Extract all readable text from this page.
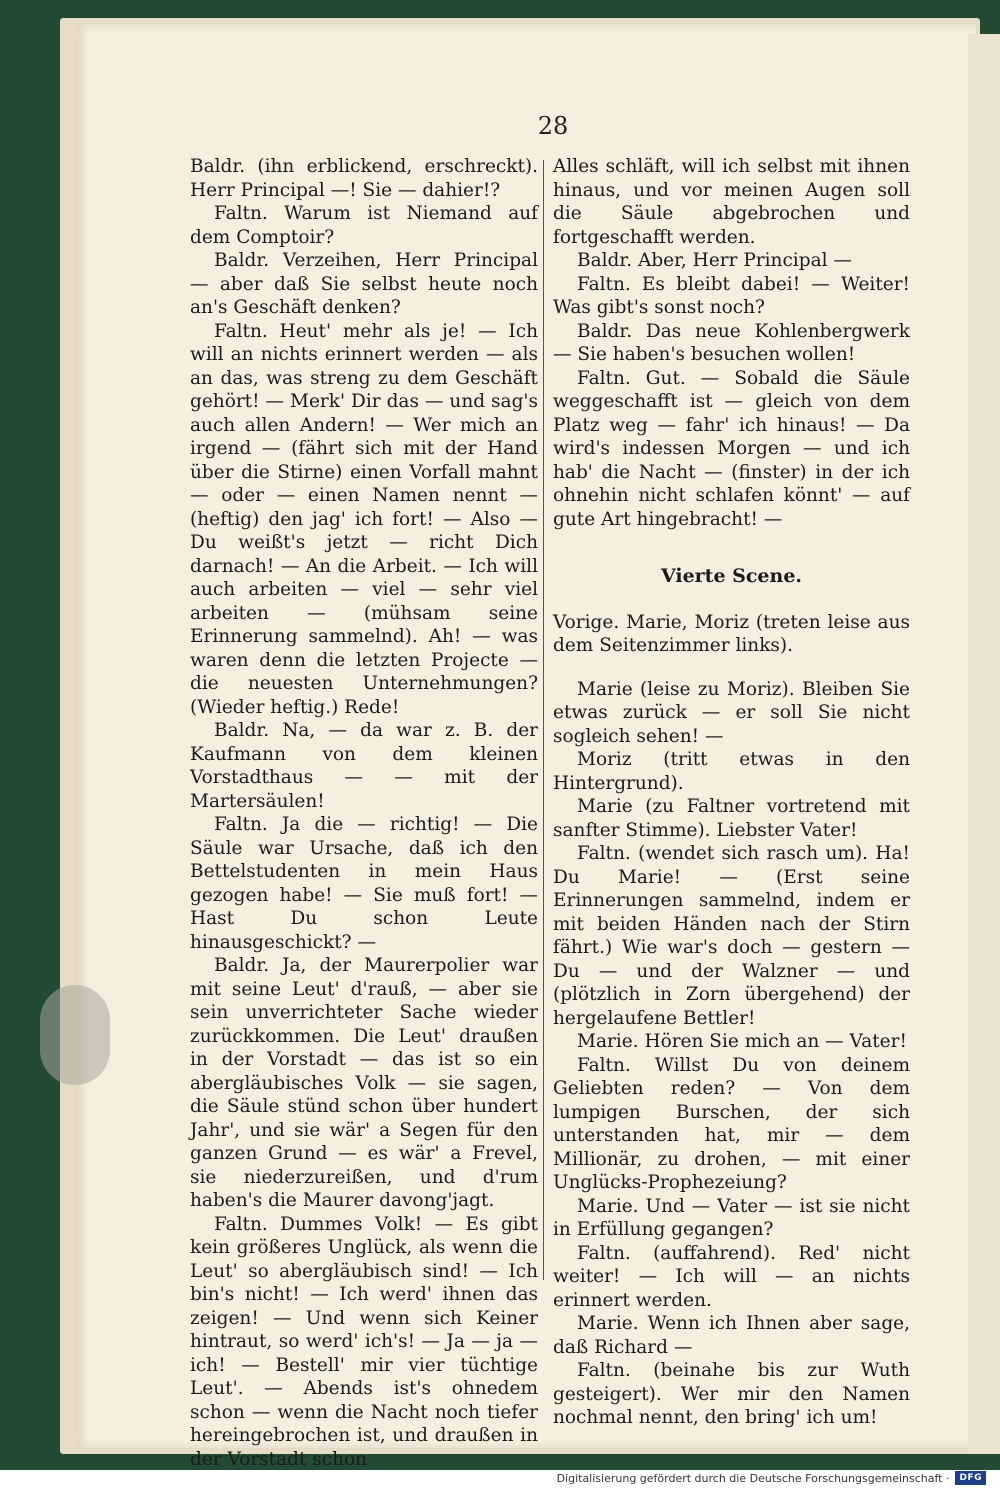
28

Baldr. (ihn erblickend, erschreckt). Herr Principal —! Sie — dahier!?

Faltn. Warum ist Niemand auf dem Comptoir?

Baldr. Verzeihen, Herr Principal — aber daß Sie selbst heute noch an's Geschäft denken?

Faltn. Heut' mehr als je! — Ich will an nichts erinnert werden — als an das, was streng zu dem Geschäft gehört! — Merk' Dir das — und sag's auch allen Andern! — Wer mich an irgend — (fährt sich mit der Hand über die Stirne) einen Vorfall mahnt — oder — einen Namen nennt — (heftig) den jag' ich fort! — Also — Du weißt's jetzt — richt Dich darnach! — An die Arbeit. — Ich will auch arbeiten — viel — sehr viel arbeiten — (mühsam seine Erinnerung sammelnd). Ah! — was waren denn die letzten Projecte — die neuesten Unternehmungen? (Wieder heftig.) Rede!

Baldr. Na, — da war z. B. der Kaufmann von dem kleinen Vorstadthaus — — mit der Martersäulen!

Faltn. Ja die — richtig! — Die Säule war Ursache, daß ich den Bettelstudenten in mein Haus gezogen habe! — Sie muß fort! — Hast Du schon Leute hinausgeschickt? —

Baldr. Ja, der Maurerpolier war mit seine Leut' d'rauß, — aber sie sein unverrichteter Sache wieder zurückkommen. Die Leut' draußen in der Vorstadt — das ist so ein abergläubisches Volk — sie sagen, die Säule stünd schon über hundert Jahr', und sie wär' a Segen für den ganzen Grund — es wär' a Frevel, sie niederzureißen, und d'rum haben's die Maurer davong'jagt.

Faltn. Dummes Volk! — Es gibt kein größeres Unglück, als wenn die Leut' so abergläubisch sind! — Ich bin's nicht! — Ich werd' ihnen das zeigen! — Und wenn sich Keiner hintraut, so werd' ich's! — Ja — ja — ich! — Bestell' mir vier tüchtige Leut'. — Abends ist's ohnedem schon — wenn die Nacht noch tiefer hereingebrochen ist, und draußen in der Vorstadt schon

Alles schläft, will ich selbst mit ihnen hinaus, und vor meinen Augen soll die Säule abgebrochen und fortgeschafft werden.

Baldr. Aber, Herr Principal —

Faltn. Es bleibt dabei! — Weiter! Was gibt's sonst noch?

Baldr. Das neue Kohlenbergwerk — Sie haben's besuchen wollen!

Faltn. Gut. — Sobald die Säule weggeschafft ist — gleich von dem Platz weg — fahr' ich hinaus! — Da wird's indessen Morgen — und ich hab' die Nacht — (finster) in der ich ohnehin nicht schlafen könnt' — auf gute Art hingebracht! —

Vierte Scene.

Vorige. Marie, Moriz (treten leise aus dem Seitenzimmer links).

Marie (leise zu Moriz). Bleiben Sie etwas zurück — er soll Sie nicht sogleich sehen! —

Moriz (tritt etwas in den Hintergrund).

Marie (zu Faltner vortretend mit sanfter Stimme). Liebster Vater!

Faltn. (wendet sich rasch um). Ha! Du Marie! — (Erst seine Erinnerungen sammelnd, indem er mit beiden Händen nach der Stirn fährt.) Wie war's doch — gestern — Du — und der Walzner — und (plötzlich in Zorn übergehend) der hergelaufene Bettler!

Marie. Hören Sie mich an — Vater!

Faltn. Willst Du von deinem Geliebten reden? — Von dem lumpigen Burschen, der sich unterstanden hat, mir — dem Millionär, zu drohen, — mit einer Unglücks-Prophezeiung?

Marie. Und — Vater — ist sie nicht in Erfüllung gegangen?

Faltn. (auffahrend). Red' nicht weiter! — Ich will — an nichts erinnert werden.

Marie. Wenn ich Ihnen aber sage, daß Richard —

Faltn. (beinahe bis zur Wuth gesteigert). Wer mir den Namen nochmal nennt, den bring' ich um!

Digitalisierung gefördert durch die Deutsche Forschungsgemeinschaft ·	DFG
